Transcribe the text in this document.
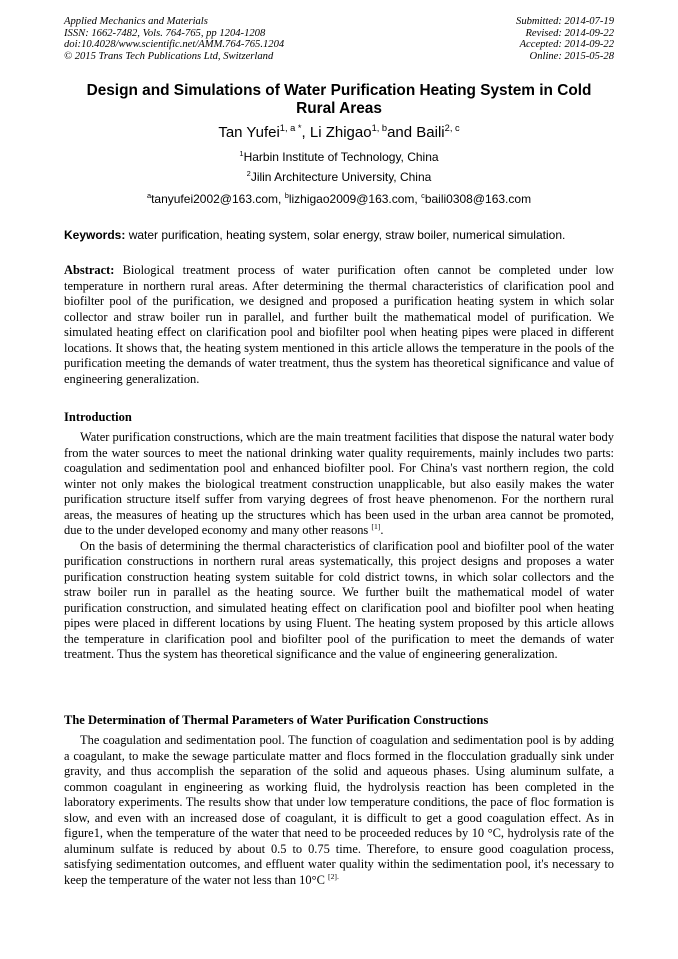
Applied Mechanics and Materials
ISSN: 1662-7482, Vols. 764-765, pp 1204-1208
doi:10.4028/www.scientific.net/AMM.764-765.1204
© 2015 Trans Tech Publications Ltd, Switzerland
Submitted: 2014-07-19
Revised: 2014-09-22
Accepted: 2014-09-22
Online: 2015-05-28
Design and Simulations of Water Purification Heating System in Cold Rural Areas
Tan Yufei$^{1, a *}$, Li Zhigao$^{1, b}$and Baili$^{2, c}$
$^1$Harbin Institute of Technology, China
$^2$Jilin Architecture University, China
$^a$tanyufei2002@163.com, $^b$lizhigao2009@163.com, $^c$baili0308@163.com
Keywords: water purification, heating system, solar energy, straw boiler, numerical simulation.

Abstract: Biological treatment process of water purification often cannot be completed under low temperature in northern rural areas. After determining the thermal characteristics of clarification pool and biofilter pool of the purification, we designed and proposed a purification heating system in which solar collector and straw boiler run in parallel, and further built the mathematical model of purification. We simulated heating effect on clarification pool and biofilter pool when heating pipes were placed in different locations. It shows that, the heating system mentioned in this article allows the temperature in the pools of the purification meeting the demands of water treatment, thus the system has theoretical significance and value of engineering generalization.

Introduction

Water purification constructions, which are the main treatment facilities that dispose the natural water body from the water sources to meet the national drinking water quality requirements, mainly includes two parts: coagulation and sedimentation pool and enhanced biofilter pool. For China's vast northern region, the cold winter not only makes the biological treatment construction unapplicable, but also easily makes the water purification structure itself suffer from varying degrees of frost heave phenomenon. For the northern rural areas, the measures of heating up the structures which has been used in the urban area cannot be promoted, due to the under developed economy and many other reasons [1].

On the basis of determining the thermal characteristics of clarification pool and biofilter pool of the water purification constructions in northern rural areas systematically, this project designs and proposes a water purification construction heating system suitable for cold district towns, in which solar collectors and the straw boiler run in parallel as the heating source. We further built the mathematical model of water purification construction, and simulated heating effect on clarification pool and biofilter pool when heating pipes were placed in different locations by using Fluent. The heating system proposed by this article allows the temperature in clarification pool and biofilter pool of the purification to meet the demands of water treatment. Thus the system has theoretical significance and the value of engineering generalization.

The Determination of Thermal Parameters of Water Purification Constructions

The coagulation and sedimentation pool. The function of coagulation and sedimentation pool is by adding a coagulant, to make the sewage particulate matter and flocs formed in the flocculation gradually sink under gravity, and thus accomplish the separation of the solid and aqueous phases. Using aluminum sulfate, a common coagulant in engineering as working fluid, the hydrolysis reaction has been completed in the laboratory experiments. The results show that under low temperature conditions, the pace of floc formation is slow, and even with an increased dose of coagulant, it is difficult to get a good coagulation effect. As in figure1, when the temperature of the water that need to be proceeded reduces by 10 °C, hydrolysis rate of the aluminum sulfate is reduced by about 0.5 to 0.75 time. Therefore, to ensure good coagulation process, satisfying sedimentation outcomes, and effluent water quality within the sedimentation pool, it's necessary to keep the temperature of the water not less than 10°C $^{[2].}$
